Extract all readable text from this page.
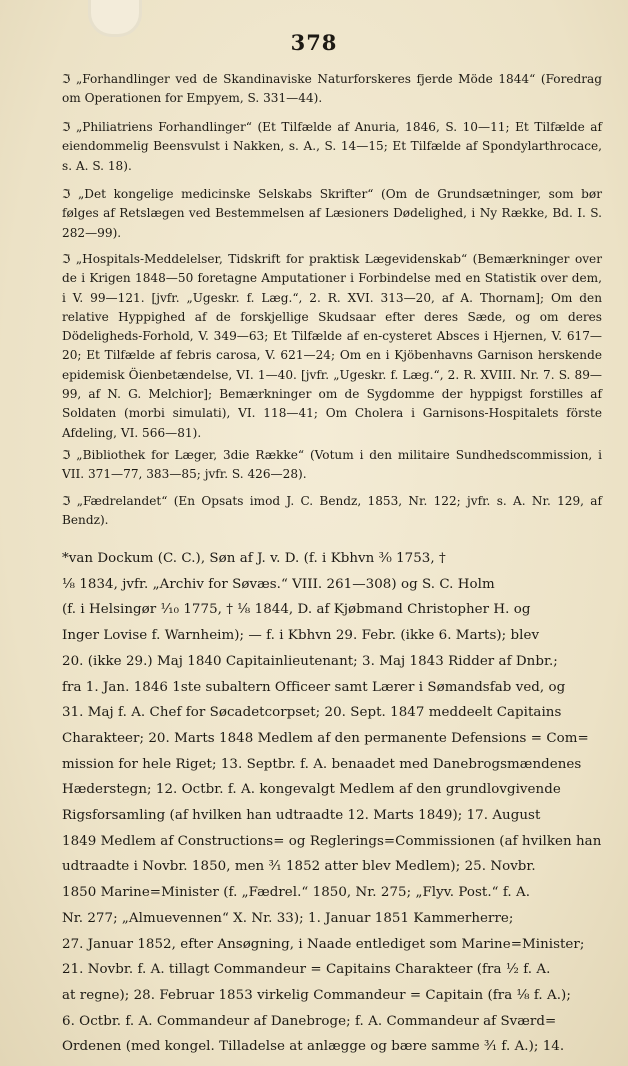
378
ℑ „Forhandlinger ved de Skandinaviske Naturforskeres fjerde Möde 1844“ (Foredrag om Operationen for Empyem, S. 331—44).
ℑ „Philiatriens Forhandlinger“ (Et Tilfælde af Anuria, 1846, S. 10—11; Et Tilfælde af eiendommelig Beensvulst i Nakken, s. A., S. 14—15; Et Tilfælde af Spondylarthrocace, s. A. S. 18).
ℑ „Det kongelige medicinske Selskabs Skrifter“ (Om de Grundsætninger, som bør følges af Retslægen ved Bestemmelsen af Læsioners Dødelighed, i Ny Række, Bd. I. S. 282—99).
ℑ „Hospitals-Meddelelser, Tidskrift for praktisk Lægevidenskab“ (Bemærkninger over de i Krigen 1848—50 foretagne Amputationer i Forbindelse med en Statistik over dem, i V. 99—121. [jvfr. „Ugeskr. f. Læg.“, 2. R. XVI. 313—20, af A. Thornam]; Om den relative Hyppighed af de forskjellige Skudsaar efter deres Sæde, og om deres Dödeligheds-Forhold, V. 349—63; Et Tilfælde af en-cysteret Absces i Hjernen, V. 617—20; Et Tilfælde af febris carosa, V. 621—24; Om en i Kjöbenhavns Garnison herskende epidemisk Öienbetændelse, VI. 1—40. [jvfr. „Ugeskr. f. Læg.“, 2. R. XVIII. Nr. 7. S. 89—99, af N. G. Melchior]; Bemærkninger om de Sygdomme der hyppigst forstilles af Soldaten (morbi simulati), VI. 118—41; Om Cholera i Garnisons-Hospitalets förste Afdeling, VI. 566—81).
ℑ „Bibliothek for Læger, 3die Række“ (Votum i den militaire Sundhedscommission, i VII. 371—77, 383—85; jvfr. S. 426—28).
ℑ „Fædrelandet“ (En Opsats imod J. C. Bendz, 1853, Nr. 122; jvfr. s. A. Nr. 129, af Bendz).
*van Dockum (C. C.), Søn af J. v. D. (f. i Kbhvn ³⁄₀ 1753, †
⅛ 1834, jvfr. „Archiv for Søvæs.“ VIII. 261—308) og S. C. Holm
(f. i Helsingør ¹⁄₁₀ 1775, † ⅛ 1844, D. af Kjøbmand Christopher H. og
Inger Lovise f. Warnheim); — f. i Kbhvn 29. Febr. (ikke 6. Marts); blev
20. (ikke 29.) Maj 1840 Capitainlieutenant; 3. Maj 1843 Ridder af Dnbr.;
fra 1. Jan. 1846 1ste subaltern Officeer samt Lærer i Sømandsfab ved, og
31. Maj f. A. Chef for Søcadetcorpset; 20. Sept. 1847 meddeelt Capitains
Charakteer; 20. Marts 1848 Medlem af den permanente Defensions = Com=
mission for hele Riget; 13. Septbr. f. A. benaadet med Danebrogsmændenes
Hæderstegn; 12. Octbr. f. A. kongevalgt Medlem af den grundlovgivende
Rigsforsamling (af hvilken han udtraadte 12. Marts 1849); 17. August
1849 Medlem af Constructions= og Reglerings=Commissionen (af hvilken han
udtraadte i Novbr. 1850, men ³⁄₁ 1852 atter blev Medlem); 25. Novbr.
1850 Marine=Minister (f. „Fædrel.“ 1850, Nr. 275; „Flyv. Post.“ f. A.
Nr. 277; „Almuevennen“ X. Nr. 33); 1. Januar 1851 Kammerherre;
27. Januar 1852, efter Ansøgning, i Naade entlediget som Marine=Minister;
21. Novbr. f. A. tillagt Commandeur = Capitains Charakteer (fra ¹⁄₂ f. A.
at regne); 28. Februar 1853 virkelig Commandeur = Capitain (fra ⅛ f. A.);
6. Octbr. f. A. Commandeur af Danebroge; f. A. Commandeur af Sværd=
Ordenen (med kongel. Tilladelse at anlægge og bære samme ³⁄₁ f. A.); 14.
